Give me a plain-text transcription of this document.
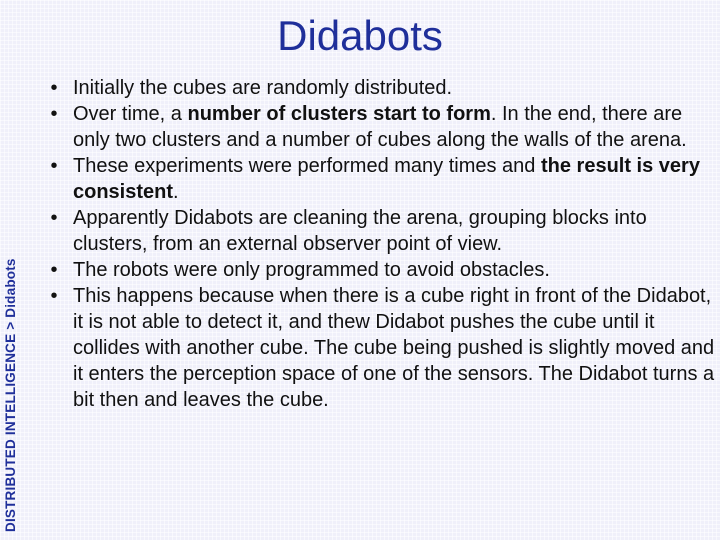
Didabots
DISTRIBUTED INTELLIGENCE > Didabots
• Initially the cubes are randomly distributed.
• Over time, a number of clusters start to form. In the end, there are only two clusters and a number of cubes along the walls of the arena.
• These experiments were performed many times and the result is very consistent.
• Apparently Didabots are cleaning the arena, grouping blocks into clusters, from an external observer point of view.
• The robots were only programmed to avoid obstacles.
• This happens because when there is a cube right in front of the Didabot, it is not able to detect it, and thew Didabot pushes the cube until it collides with another cube. The cube being pushed is slightly moved and it enters the perception space of one of the sensors. The Didabot turns a bit then and leaves the cube.
